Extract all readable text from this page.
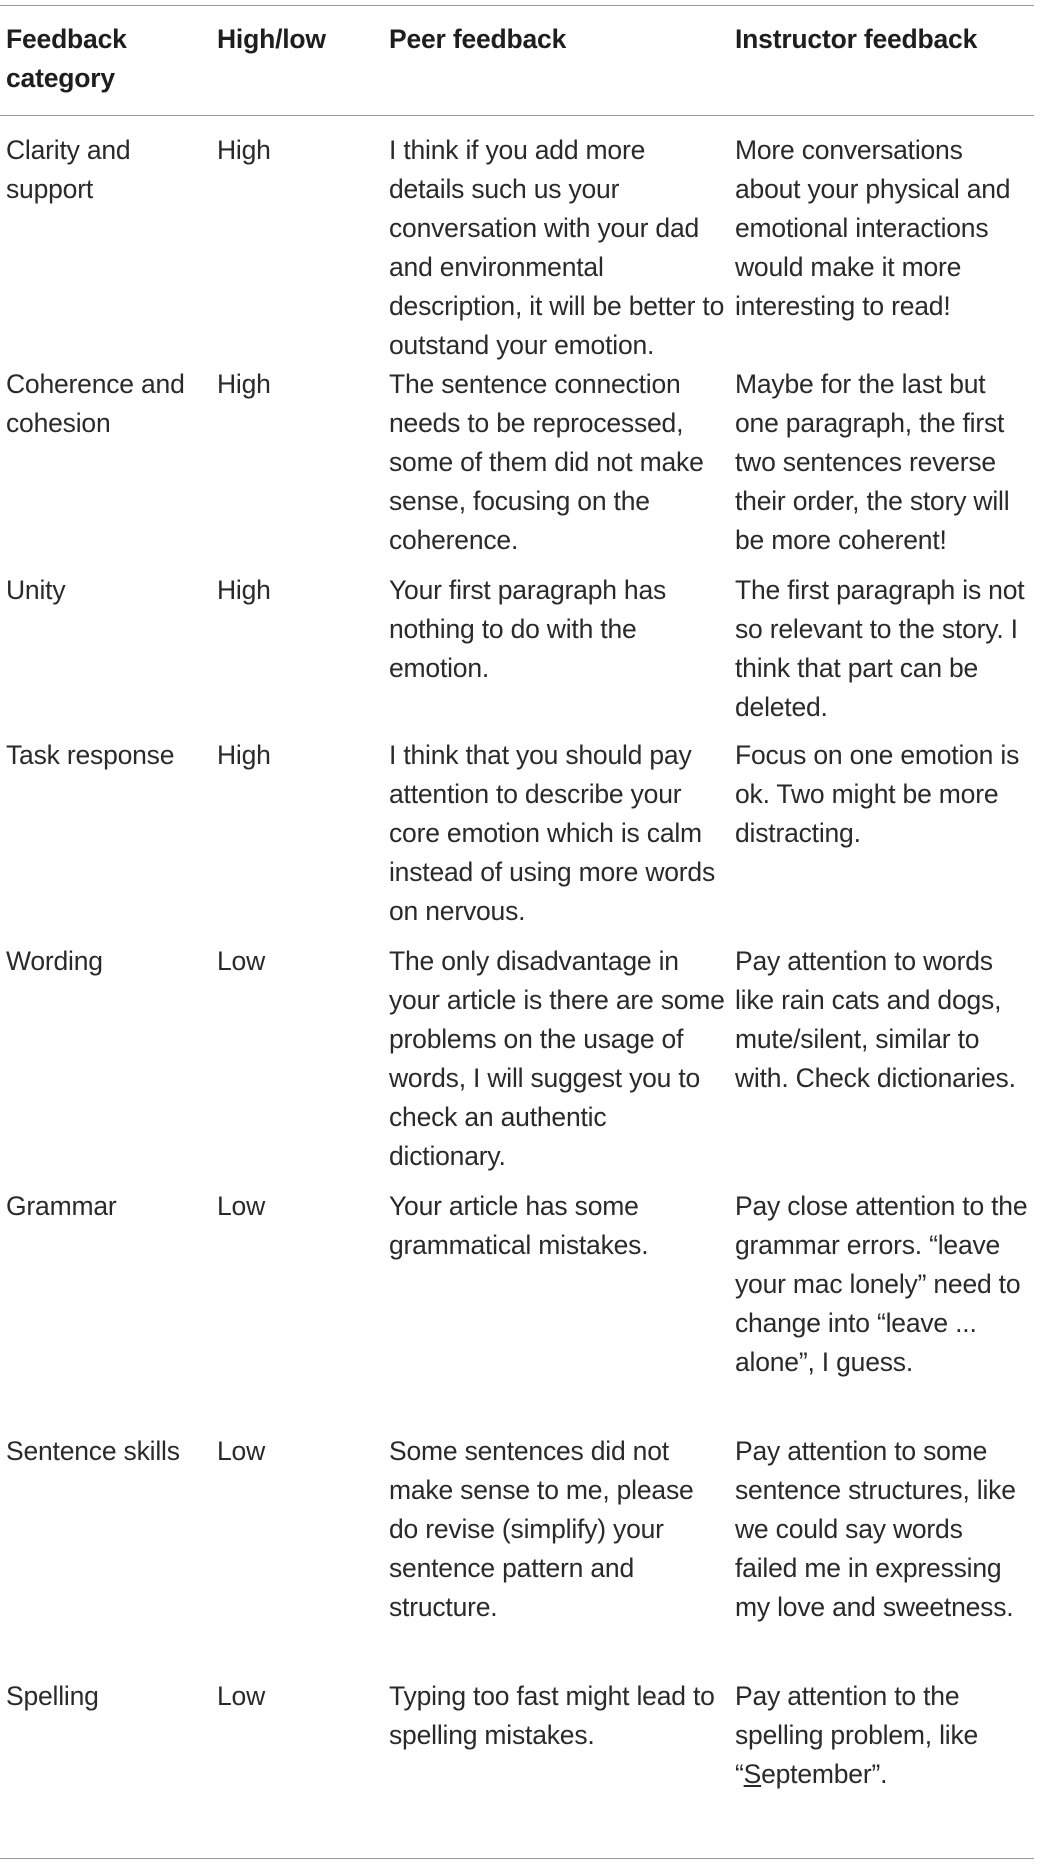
Feedback category	High/low	Peer feedback	Instructor feedback

Clarity and support	High	I think if you add more details such us your conversation with your dad and environmental description, it will be better to outstand your emotion.	More conversations about your physical and emotional interactions would make it more interesting to read!

Coherence and cohesion	High	The sentence connection needs to be reprocessed, some of them did not make sense, focusing on the coherence.	Maybe for the last but one paragraph, the first two sentences reverse their order, the story will be more coherent!

Unity	High	Your first paragraph has nothing to do with the emotion.	The first paragraph is not so relevant to the story. I think that part can be deleted.

Task response	High	I think that you should pay attention to describe your core emotion which is calm instead of using more words on nervous.	Focus on one emotion is ok. Two might be more distracting.

Wording	Low	The only disadvantage in your article is there are some problems on the usage of words, I will suggest you to check an authentic dictionary.	Pay attention to words like rain cats and dogs, mute/silent, similar to with. Check dictionaries.

Grammar	Low	Your article has some grammatical mistakes.	Pay close attention to the grammar errors. “leave your mac lonely” need to change into “leave ... alone”, I guess.

Sentence skills	Low	Some sentences did not make sense to me, please do revise (simplify) your sentence pattern and structure.	Pay attention to some sentence structures, like we could say words failed me in expressing my love and sweetness.

Spelling	Low	Typing too fast might lead to spelling mistakes.	Pay attention to the spelling problem, like “September”.
